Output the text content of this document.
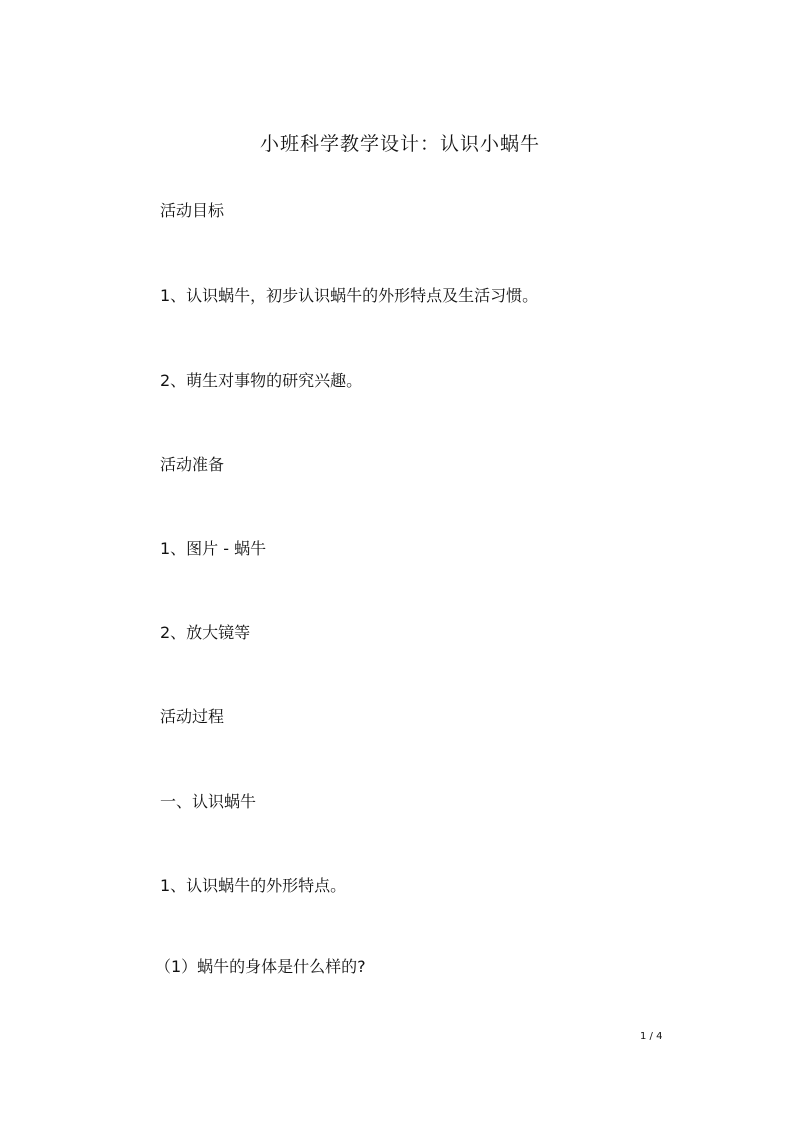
小班科学教学设计：认识小蜗牛
活动目标
1、认识蜗牛，初步认识蜗牛的外形特点及生活习惯。
2、萌生对事物的研究兴趣。
活动准备
1、图片 - 蜗牛
2、放大镜等
活动过程
一、认识蜗牛
1、认识蜗牛的外形特点。
（1）蜗牛的身体是什么样的?
1 / 4
